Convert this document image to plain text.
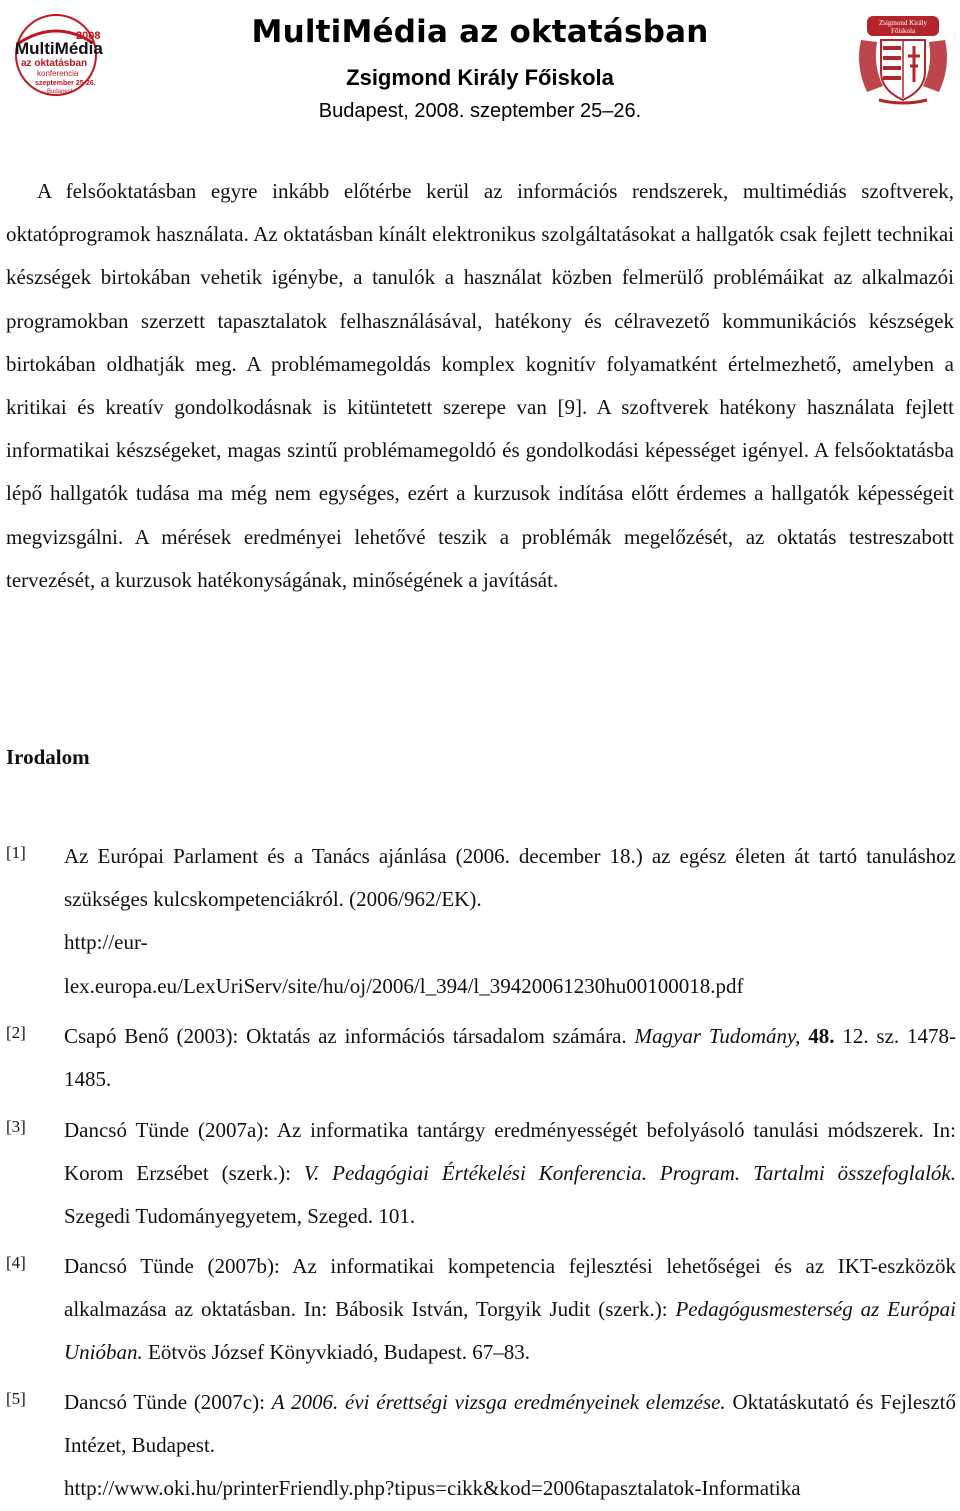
2008
MultiMédia
az oktatásban
konferencia
szeptember 25-26.
Budapest
MultiMédia az oktatásban
Zsigmond Király Főiskola
Budapest, 2008. szeptember 25–26.
Zsigmond Király
Főiskola
A felsőoktatásban egyre inkább előtérbe kerül az információs rendszerek, multimédiás szoftverek, oktatóprogramok használata. Az oktatásban kínált elektronikus szolgáltatásokat a hallgatók csak fejlett technikai készségek birtokában vehetik igénybe, a tanulók a használat közben felmerülő problémáikat az alkalmazói programokban szerzett tapasztalatok felhasználásával, hatékony és célravezető kommunikációs készségek birtokában oldhatják meg. A problémamegoldás komplex kognitív folyamatként értelmezhető, amelyben a kritikai és kreatív gondolkodásnak is kitüntetett szerepe van [9]. A szoftverek hatékony használata fejlett informatikai készségeket, magas szintű problémamegoldó és gondolkodási képességet igényel. A felsőoktatásba lépő hallgatók tudása ma még nem egységes, ezért a kurzusok indítása előtt érdemes a hallgatók képességeit megvizsgálni. A mérések eredményei lehetővé teszik a problémák megelőzését, az oktatás testreszabott tervezését, a kurzusok hatékonyságának, minőségének a javítását.
Irodalom
[1] Az Európai Parlament és a Tanács ajánlása (2006. december 18.) az egész életen át tartó tanuláshoz szükséges kulcskompetenciákról. (2006/962/EK).
http://eur-
lex.europa.eu/LexUriServ/site/hu/oj/2006/l_394/l_39420061230hu00100018.pdf
[2] Csapó Benő (2003): Oktatás az információs társadalom számára. Magyar Tudomány, 48. 12. sz. 1478-1485.
[3] Dancsó Tünde (2007a): Az informatika tantárgy eredményességét befolyásoló tanulási módszerek. In: Korom Erzsébet (szerk.): V. Pedagógiai Értékelési Konferencia. Program. Tartalmi összefoglalók. Szegedi Tudományegyetem, Szeged. 101.
[4] Dancsó Tünde (2007b): Az informatikai kompetencia fejlesztési lehetőségei és az IKT-eszközök alkalmazása az oktatásban. In: Bábosik István, Torgyik Judit (szerk.): Pedagógusmesterség az Európai Unióban. Eötvös József Könyvkiadó, Budapest. 67–83.
[5] Dancsó Tünde (2007c): A 2006. évi érettségi vizsga eredményeinek elemzése. Oktatáskutató és Fejlesztő Intézet, Budapest.
http://www.oki.hu/printerFriendly.php?tipus=cikk&kod=2006tapasztalatok-Informatika
